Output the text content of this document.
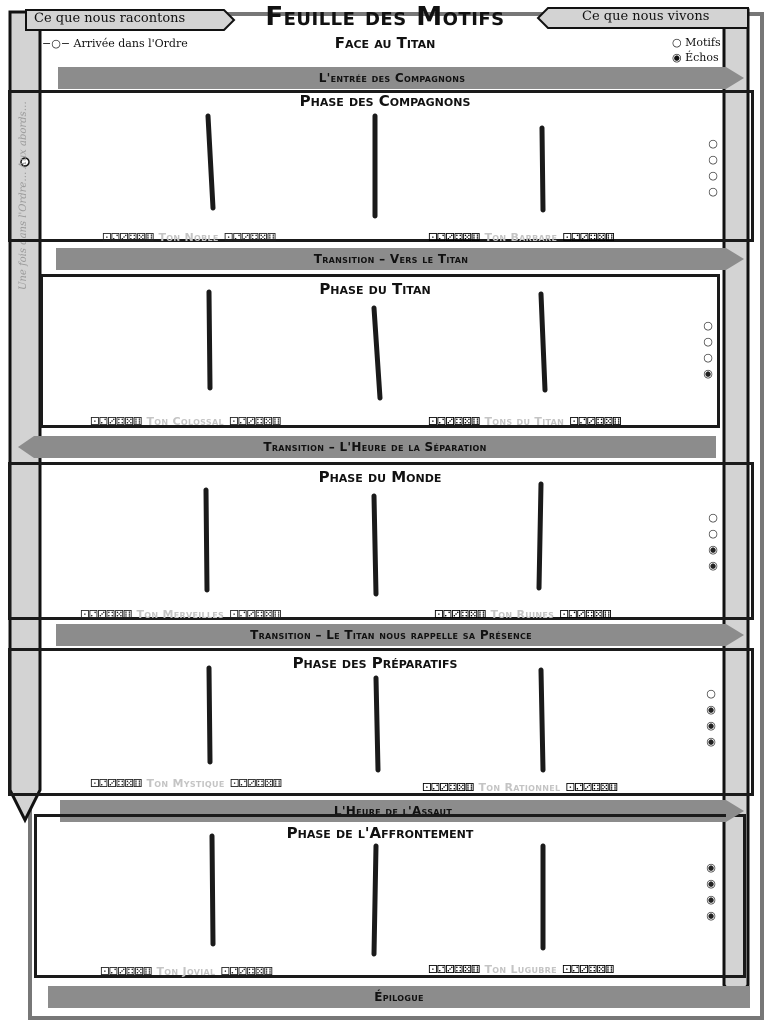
Ce que nous racontons	Ce que nous vivons
Feuille des Motifs
Face au Titan
−○− Arrivée dans l'Ordre	○ Motifs
◉ Échos
Une fois dans l'Ordre… Aux abords…
L'entrée des Compagnons
Transition – Vers le Titan
Transition – L'Heure de la Séparation
Transition – Le Titan nous rappelle sa Présence
L'Heure de l'Assaut
Épilogue
Phase des Compagnons
Phase du Titan
Phase du Monde
Phase des Préparatifs
Phase de l'Affrontement
⚀⚁⚂⚃⚄⚅ Ton Noble ⚀⚁⚂⚃⚄⚅	⚀⚁⚂⚃⚄⚅ Ton Barbare ⚀⚁⚂⚃⚄⚅
○○○○
⚀⚁⚂⚃⚄⚅ Ton Colossal ⚀⚁⚂⚃⚄⚅	⚀⚁⚂⚃⚄⚅ Tons du Titan ⚀⚁⚂⚃⚄⚅
○○○◉
⚀⚁⚂⚃⚄⚅ Ton Merveilles ⚀⚁⚂⚃⚄⚅	⚀⚁⚂⚃⚄⚅ Ton Ruines ⚀⚁⚂⚃⚄⚅
○○◉◉
⚀⚁⚂⚃⚄⚅ Ton Mystique ⚀⚁⚂⚃⚄⚅	⚀⚁⚂⚃⚄⚅ Ton Rationnel ⚀⚁⚂⚃⚄⚅
○◉◉◉
⚀⚁⚂⚃⚄⚅ Ton Jovial ⚀⚁⚂⚃⚄⚅	⚀⚁⚂⚃⚄⚅ Ton Lugubre ⚀⚁⚂⚃⚄⚅
◉◉◉◉
